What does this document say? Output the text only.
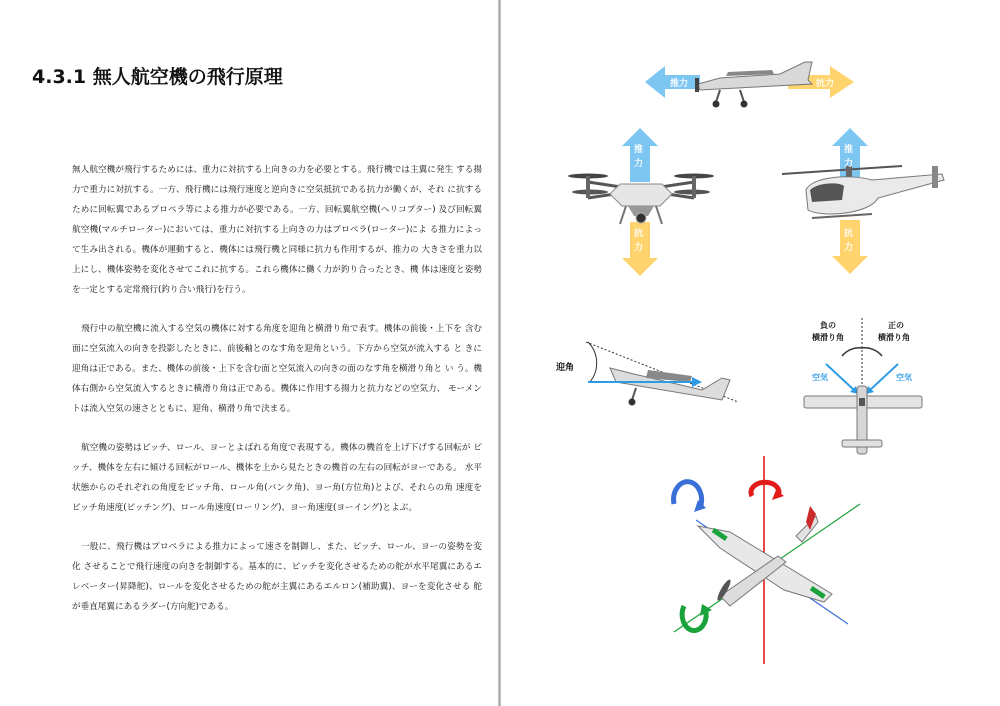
4.3.1 無人航空機の飛行原理

無人航空機が飛行するためには、重力に対抗する上向きの力を必要とする。飛行機では主翼に発生 する揚力で重力に対抗する。一方、飛行機には飛行速度と逆向きに空気抵抗である抗力が働くが、それ に抗するために回転翼であるプロペラ等による推力が必要である。一方、回転翼航空機(ヘリコプター) 及び回転翼航空機(マルチローター)においては、重力に対抗する上向きの力はプロペラ(ローター)によ る推力によって生み出される。機体が運動すると、機体には飛行機と同様に抗力も作用するが、推力の 大きさを重力以上にし、機体姿勢を変化させてこれに抗する。これら機体に働く力が釣り合ったとき、機 体は速度と姿勢を一定とする定常飛行(釣り合い飛行)を行う。

飛行中の航空機に流入する空気の機体に対する角度を迎角と横滑り角で表す。機体の前後・上下を 含む面に空気流入の向きを投影したときに、前後軸とのなす角を迎角という。下方から空気が流入する と きに迎角は正である。また、機体の前後・上下を含む面と空気流入の向きの面のなす角を横滑り角と い う。機体右側から空気流入するときに横滑り角は正である。機体に作用する揚力と抗力などの空気力、 モーメントは流入空気の速さとともに、迎角、横滑り角で決まる。

航空機の姿勢はピッチ、ロール、ヨーとよばれる角度で表現する。機体の機首を上げ下げする回転が ピッチ、機体を左右に傾ける回転がロール、機体を上から見たときの機首の左右の回転がヨーである。 水平状態からのそれぞれの角度をピッチ角、ロール角(バンク角)、ヨー角(方位角)とよび、それらの角 速度をピッチ角速度(ピッチング)、ロール角速度(ローリング)、ヨー角速度(ヨーイング)とよぶ。

一般に、飛行機はプロペラによる推力によって速さを制御し、また、ピッチ、ロール、ヨーの姿勢を変化 させることで飛行速度の向きを制御する。基本的に、ピッチを変化させるための舵が水平尾翼にあるエ レベーター(昇降舵)、ロールを変化させるための舵が主翼にあるエルロン(補助翼)、ヨーを変化させる 舵が垂直尾翼にあるラダー(方向舵)である。

推力	抗力
推
力
抗
力
推
力
抗
力
迎角
負の
横滑り角
正の
横滑り角
空気	空気
